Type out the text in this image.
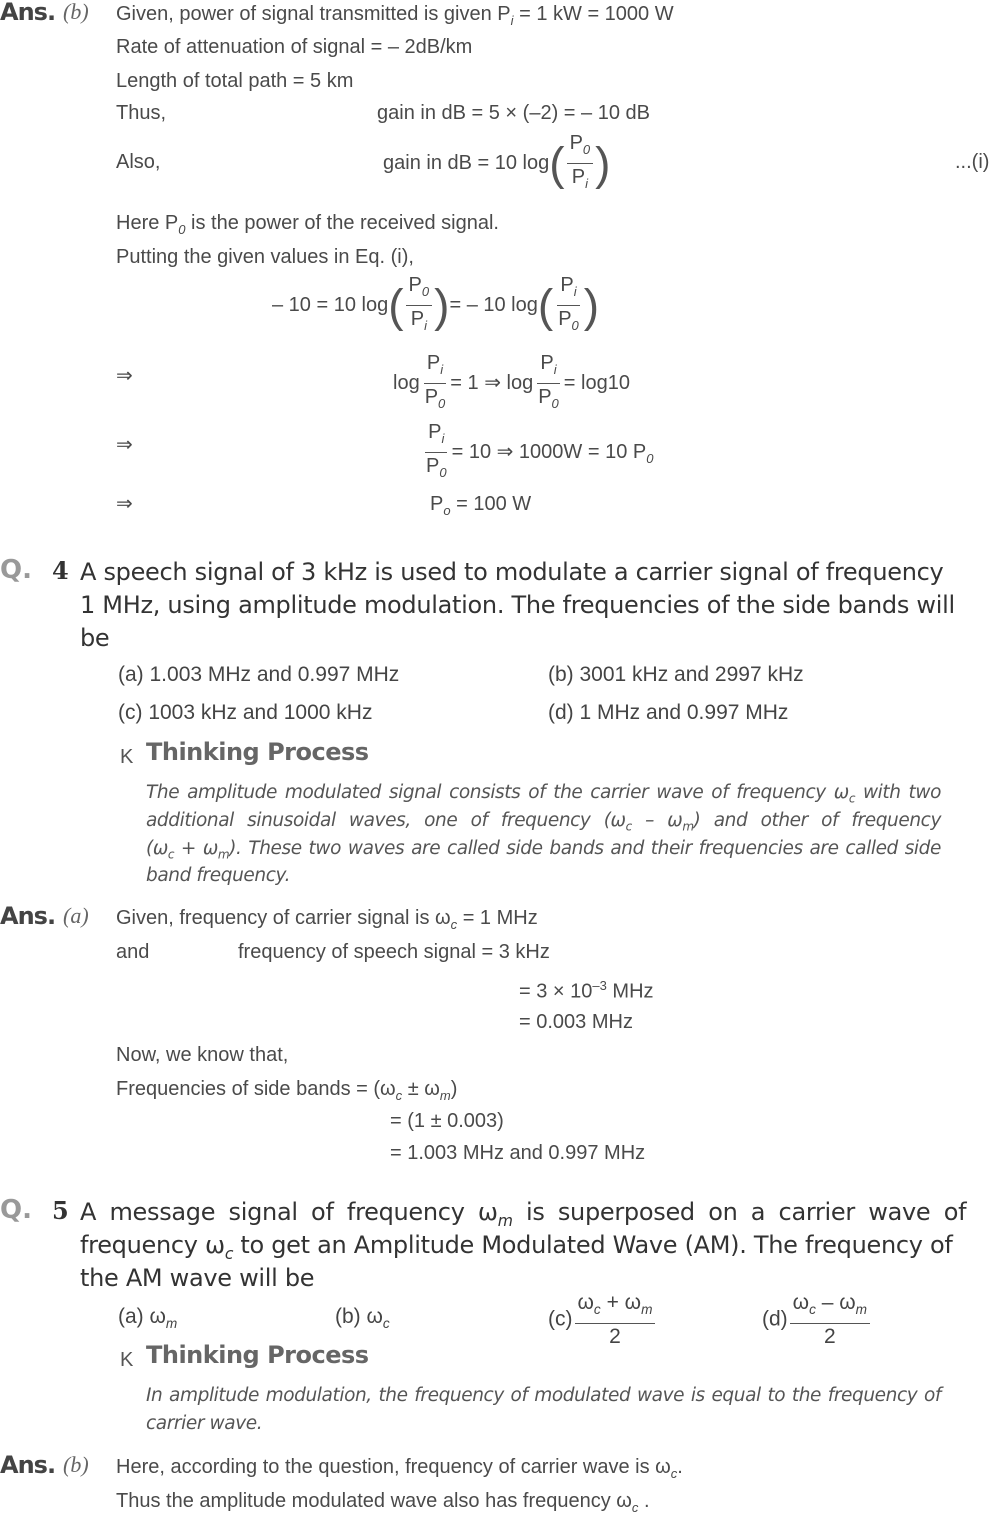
Ans. (b) Given, power of signal transmitted is given $P_i = 1$ kW = 1000 W
Rate of attenuation of signal = – 2dB/km
Length of total path = 5 km
Thus,	gain in dB = 5 × (–2) = – 10 dB
Also,	gain in dB = 10 $\log( \frac{P_0}{P_i}$ )	...(i)
Here $P_0$ is the power of the received signal.
Putting the given values in Eq. (i),
– 10 = 10 $\log( \frac{P_0}{P_i}$ )= – 10 $\log( \frac{P_i}{P_0}$ )
⇒	$\log \frac{P_i}{P_0} = 1$ ⇒ $\log \frac{P_i}{P_0} = \log 10$
⇒	$\frac{P_i}{P_0} = 10$ ⇒ 1000W = 10 $P_0$
⇒	$P_o = 100$ W
Q. 4 A speech signal of 3 kHz is used to modulate a carrier signal of frequency
1 MHz, using amplitude modulation. The frequencies of the side bands will
be
(a) 1.003 MHz and 0.997 MHz	(b) 3001 kHz and 2997 kHz
(c) 1003 kHz and 1000 kHz	(d) 1 MHz and 0.997 MHz
K Thinking Process
The amplitude modulated signal consists of the carrier wave of frequency $\omega_c$ with two
additional sinusoidal waves, one of frequency $(\omega_c - \omega_m)$ and other of frequency
$(\omega_c + \omega_m)$. These two waves are called side bands and their frequencies are called side
band frequency.
Ans. (a) Given, frequency of carrier signal is $\omega_c = 1$ MHz
and	frequency of speech signal = 3 kHz
= $3 \times 10^{-3}$ MHz
= 0.003 MHz
Now, we know that,
Frequencies of side bands = $(\omega_c \pm \omega_m)$
= (1 ± 0.003)
= 1.003 MHz and 0.997 MHz
Q. 5 A message signal of frequency $\omega_m$ is superposed on a carrier wave of
frequency $\omega_c$ to get an Amplitude Modulated Wave (AM). The frequency of
the AM wave will be
(a) $\omega_m$	(b) $\omega_c$	$(c) \frac{\omega_c + \omega_m}{2}$	$(d) \frac{\omega_c - \omega_m}{2}$
K Thinking Process
In amplitude modulation, the frequency of modulated wave is equal to the frequency of
carrier wave.
Ans. (b) Here, according to the question, frequency of carrier wave is $\omega_c$.
Thus the amplitude modulated wave also has frequency $\omega_c$ .
